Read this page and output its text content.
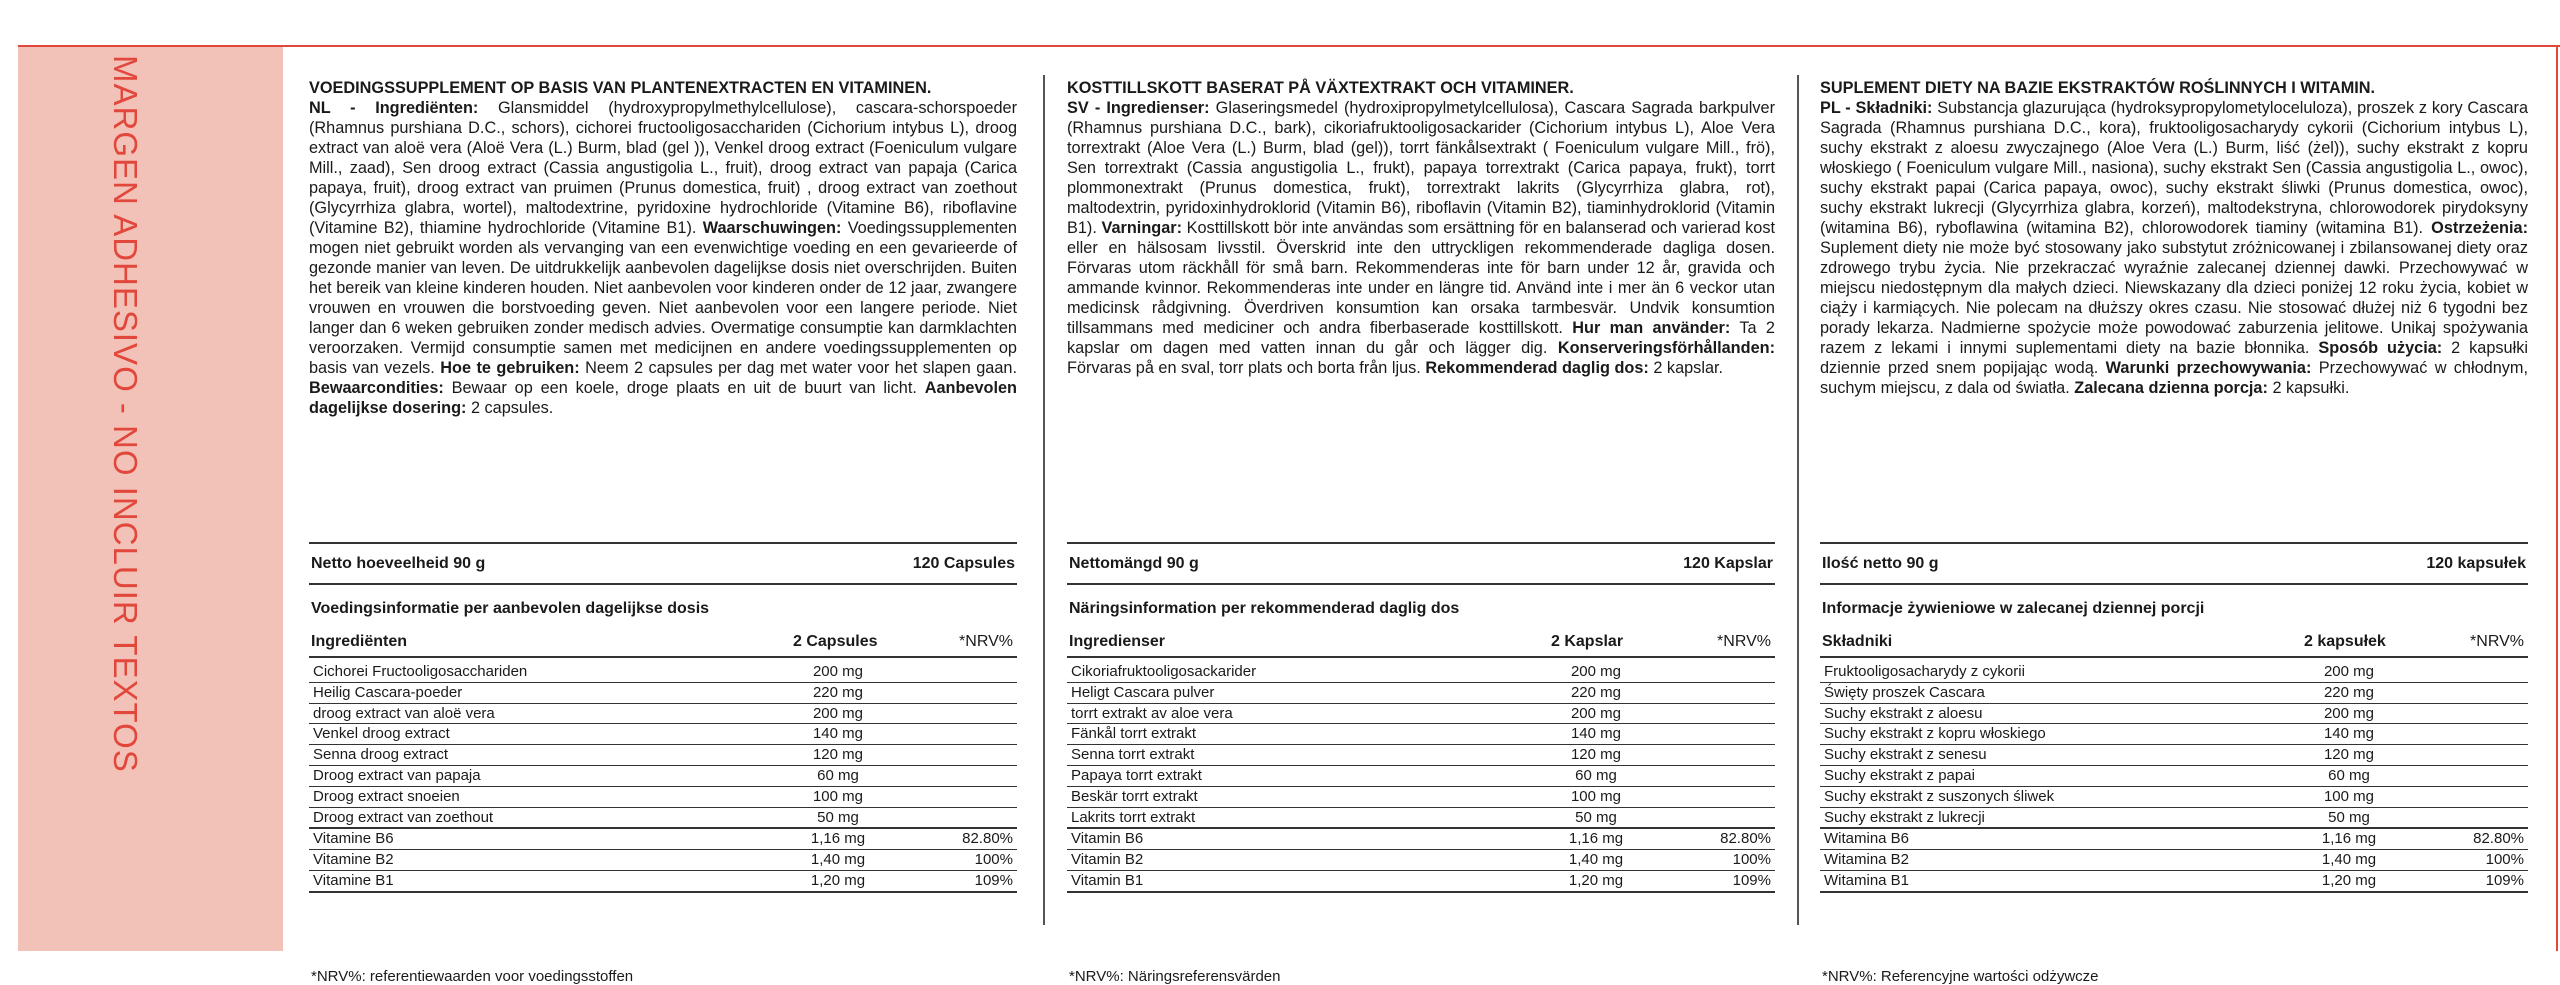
MARGEN ADHESIVO - NO INCLUIR TEXTOS	VOEDINGSSUPPLEMENT OP BASIS VAN PLANTENEXTRACTEN EN VITAMINEN.
NL - Ingrediënten: Glansmiddel (hydroxypropylmethylcellulose), cascara-schorspoeder (Rhamnus purshiana D.C., schors), cichorei fructooligosacchariden (Cichorium intybus L), droog extract van aloë vera (Aloë Vera (L.) Burm, blad (gel )), Venkel droog extract (Foeniculum vulgare Mill., zaad), Sen droog extract (Cassia angustigolia L., fruit), droog extract van papaja (Carica papaya, fruit), droog extract van pruimen (Prunus domestica, fruit) , droog extract van zoethout (Glycyrrhiza glabra, wortel), maltodextrine, pyridoxine hydrochloride (Vitamine B6), riboflavine (Vitamine B2), thiamine hydrochloride (Vitamine B1). Waarschuwingen: Voedingssupplementen mogen niet gebruikt worden als vervanging van een evenwichtige voeding en een gevarieerde of gezonde manier van leven. De uitdrukkelijk aanbevolen dagelijkse dosis niet overschrijden. Buiten het bereik van kleine kinderen houden. Niet aanbevolen voor kinderen onder de 12 jaar, zwangere vrouwen en vrouwen die borstvoeding geven. Niet aanbevolen voor een langere periode. Niet langer dan 6 weken gebruiken zonder medisch advies. Overmatige consumptie kan darmklachten veroorzaken. Vermijd consumptie samen met medicijnen en andere voedingssupplementen op basis van vezels. Hoe te gebruiken: Neem 2 capsules per dag met water voor het slapen gaan. Bewaarcondities: Bewaar op een koele, droge plaats en uit de buurt van licht. Aanbevolen dagelijkse dosering: 2 capsules.

Netto hoeveelheid 90 g	120 Capsules
Voedingsinformatie per aanbevolen dagelijkse dosis
Ingrediënten	2 Capsules	*NRV%
Cichorei Fructooligosacchariden	200 mg
Heilig Cascara-poeder	220 mg
droog extract van aloë vera	200 mg
Venkel droog extract	140 mg
Senna droog extract	120 mg
Droog extract van papaja	60 mg
Droog extract snoeien	100 mg
Droog extract van zoethout	50 mg
Vitamine B6	1,16 mg	82.80%
Vitamine B2	1,40 mg	100%
Vitamine B1	1,20 mg	109%
*NRV%: referentiewaarden voor voedingsstoffen

KOSTTILLSKOTT BASERAT PÅ VÄXTEXTRAKT OCH VITAMINER.
SV - Ingredienser: Glaseringsmedel (hydroxipropylmetylcellulosa), Cascara Sagrada barkpulver (Rhamnus purshiana D.C., bark), cikoriafruktooligosackarider (Cichorium intybus L), Aloe Vera torrextrakt (Aloe Vera (L.) Burm, blad (gel)), torrt fänkålsextrakt ( Foeniculum vulgare Mill., frö), Sen torrextrakt (Cassia angustigolia L., frukt), papaya torrextrakt (Carica papaya, frukt), torrt plommonextrakt (Prunus domestica, frukt), torrextrakt lakrits (Glycyrrhiza glabra, rot), maltodextrin, pyridoxinhydroklorid (Vitamin B6), riboflavin (Vitamin B2), tiaminhydroklorid (Vitamin B1). Varningar: Kosttillskott bör inte användas som ersättning för en balanserad och varierad kost eller en hälsosam livsstil. Överskrid inte den uttryckligen rekommenderade dagliga dosen. Förvaras utom räckhåll för små barn. Rekommenderas inte för barn under 12 år, gravida och ammande kvinnor. Rekommenderas inte under en längre tid. Använd inte i mer än 6 veckor utan medicinsk rådgivning. Överdriven konsumtion kan orsaka tarmbesvär. Undvik konsumtion tillsammans med mediciner och andra fiberbaserade kosttillskott. Hur man använder: Ta 2 kapslar om dagen med vatten innan du går och lägger dig. Konserveringsförhållanden: Förvaras på en sval, torr plats och borta från ljus. Rekommenderad daglig dos: 2 kapslar.

Nettomängd 90 g	120 Kapslar
Näringsinformation per rekommenderad daglig dos
Ingredienser	2 Kapslar	*NRV%
Cikoriafruktooligosackarider	200 mg
Heligt Cascara pulver	220 mg
torrt extrakt av aloe vera	200 mg
Fänkål torrt extrakt	140 mg
Senna torrt extrakt	120 mg
Papaya torrt extrakt	60 mg
Beskär torrt extrakt	100 mg
Lakrits torrt extrakt	50 mg
Vitamin B6	1,16 mg	82.80%
Vitamin B2	1,40 mg	100%
Vitamin B1	1,20 mg	109%
*NRV%: Näringsreferensvärden

SUPLEMENT DIETY NA BAZIE EKSTRAKTÓW ROŚLINNYCH I WITAMIN.
PL - Składniki: Substancja glazurująca (hydroksypropylometylocelulozа), proszek z kory Cascara Sagrada (Rhamnus purshiana D.C., kora), fruktooligosacharydy cykorii (Cichorium intybus L), suchy ekstrakt z aloesu zwyczajnego (Aloe Vera (L.) Burm, liść (żel)), suchy ekstrakt z kopru włoskiego ( Foeniculum vulgare Mill., nasiona), suchy ekstrakt Sen (Cassia angustigolia L., owoc), suchy ekstrakt papai (Carica papaya, owoc), suchy ekstrakt śliwki (Prunus domestica, owoc), suchy ekstrakt lukrecji (Glycyrrhiza glabra, korzeń), maltodekstryna, chlorowodorek pirydoksyny (witamina B6), ryboflawina (witamina B2), chlorowodorek tiaminy (witamina B1). Ostrzeżenia: Suplement diety nie może być stosowany jako substytut zróżnicowanej i zbilansowanej diety oraz zdrowego trybu życia. Nie przekraczać wyraźnie zalecanej dziennej dawki. Przechowywać w miejscu niedostępnym dla małych dzieci. Niewskazany dla dzieci poniżej 12 roku życia, kobiet w ciąży i karmiących. Nie polecam na dłuższy okres czasu. Nie stosować dłużej niż 6 tygodni bez porady lekarza. Nadmierne spożycie może powodować zaburzenia jelitowe. Unikaj spożywania razem z lekami i innymi suplementami diety na bazie błonnika. Sposób użycia: 2 kapsułki dziennie przed snem popijając wodą. Warunki przechowywania: Przechowywać w chłodnym, suchym miejscu, z dala od światła. Zalecana dzienna porcja: 2 kapsułki.

Ilość netto 90 g	120 kapsułek
Informacje żywieniowe w zalecanej dziennej porcji
Składniki	2 kapsułek	*NRV%
Fruktooligosacharydy z cykorii	200 mg
Święty proszek Cascara	220 mg
Suchy ekstrakt z aloesu	200 mg
Suchy ekstrakt z kopru włoskiego	140 mg
Suchy ekstrakt z senesu	120 mg
Suchy ekstrakt z papai	60 mg
Suchy ekstrakt z suszonych śliwek	100 mg
Suchy ekstrakt z lukrecji	50 mg
Witamina B6	1,16 mg	82.80%
Witamina B2	1,40 mg	100%
Witamina B1	1,20 mg	109%
*NRV%: Referencyjne wartości odżywcze
